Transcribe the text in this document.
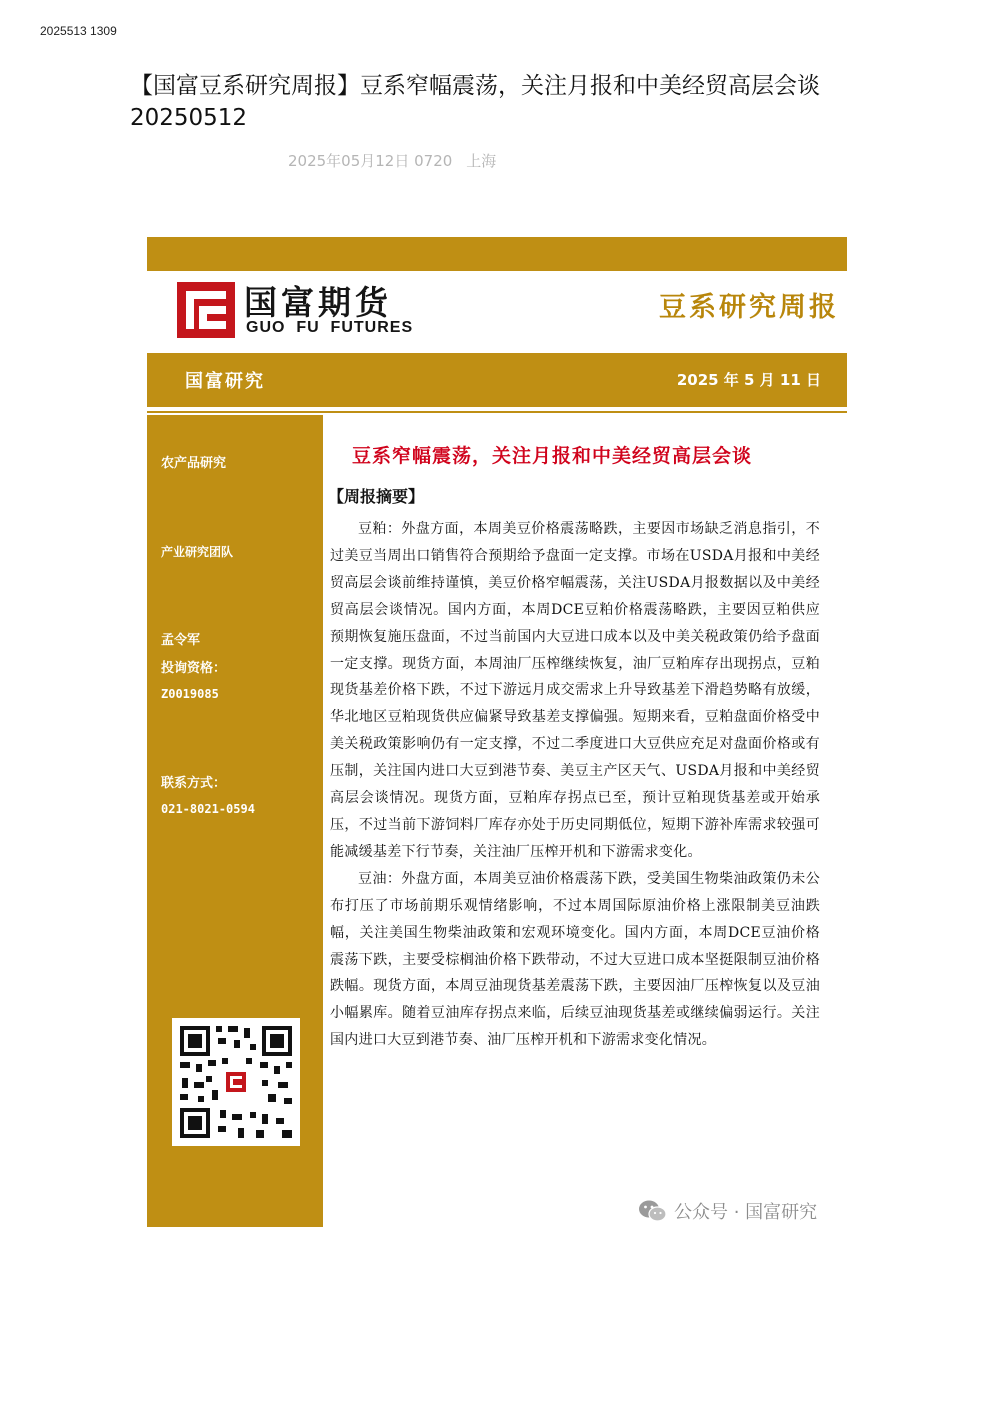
2025513 1309
【国富豆系研究周报】豆系窄幅震荡，关注月报和中美经贸高层会谈20250512
2025年05月12日 0720 上海
国富期货
GUO  FU  FUTURES
豆系研究周报
国富研究	2025 年 5 月 11 日
农产品研究
产业研究团队
孟令军
投询资格：
Z0019085
联系方式：
021-8021-0594
豆系窄幅震荡，关注月报和中美经贸高层会谈
【周报摘要】

豆粕：外盘方面，本周美豆价格震荡略跌，主要因市场缺乏消息指引，不过美豆当周出口销售符合预期给予盘面一定支撑。市场在USDA月报和中美经贸高层会谈前维持谨慎，美豆价格窄幅震荡，关注USDA月报数据以及中美经贸高层会谈情况。国内方面，本周DCE豆粕价格震荡略跌，主要因豆粕供应预期恢复施压盘面，不过当前国内大豆进口成本以及中美关税政策仍给予盘面一定支撑。现货方面，本周油厂压榨继续恢复，油厂豆粕库存出现拐点，豆粕现货基差价格下跌，不过下游远月成交需求上升导致基差下滑趋势略有放缓，华北地区豆粕现货供应偏紧导致基差支撑偏强。短期来看，豆粕盘面价格受中美关税政策影响仍有一定支撑，不过二季度进口大豆供应充足对盘面价格或有压制，关注国内进口大豆到港节奏、美豆主产区天气、USDA月报和中美经贸高层会谈情况。现货方面，豆粕库存拐点已至，预计豆粕现货基差或开始承压，不过当前下游饲料厂库存亦处于历史同期低位，短期下游补库需求较强可能减缓基差下行节奏，关注油厂压榨开机和下游需求变化。

豆油：外盘方面，本周美豆油价格震荡下跌，受美国生物柴油政策仍未公布打压了市场前期乐观情绪影响，不过本周国际原油价格上涨限制美豆油跌幅，关注美国生物柴油政策和宏观环境变化。国内方面，本周DCE豆油价格震荡下跌，主要受棕榈油价格下跌带动，不过大豆进口成本坚挺限制豆油价格跌幅。现货方面，本周豆油现货基差震荡下跌，主要因油厂压榨恢复以及豆油小幅累库。随着豆油库存拐点来临，后续豆油现货基差或继续偏弱运行。关注国内进口大豆到港节奏、油厂压榨开机和下游需求变化情况。

公众号 · 国富研究
